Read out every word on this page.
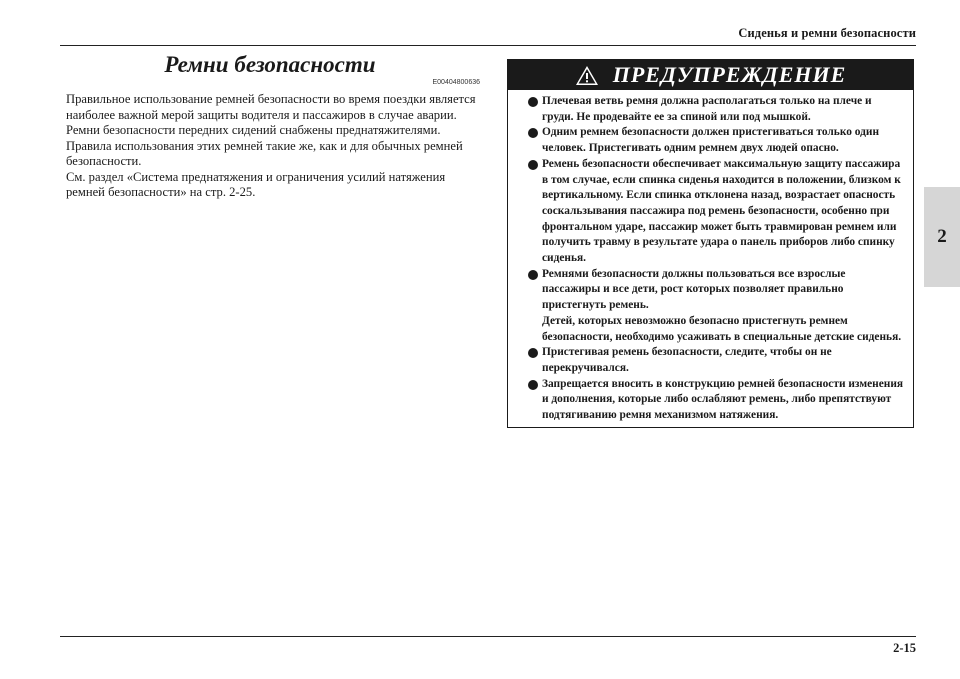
Сиденья и ремни безопасности
2
Ремни безопасности
E00404800636

Правильное использование ремней безопасности во время поездки является наиболее важной мерой защиты водителя и пассажиров в случае аварии.

Ремни безопасности передних сидений снабжены преднатяжителями. Правила использования этих ремней такие же, как и для обычных ремней безопасности.

См. раздел «Система преднатяжения и ограничения усилий натяжения ремней безопасности» на стр. 2-25.

ПРЕДУПРЕЖДЕНИЕ
Плечевая ветвь ремня должна располагаться только на плече и груди. Не продевайте ее за спиной или под мышкой.
Одним ремнем безопасности должен пристегиваться только один человек. Пристегивать одним ремнем двух людей опасно.
Ремень безопасности обеспечивает максимальную защиту пассажира в том случае, если спинка сиденья находится в положении, близком к вертикальному. Если спинка отклонена назад, возрастает опасность соскальзывания пассажира под ремень безопасности, особенно при фронтальном ударе, пассажир может быть травмирован ремнем или получить травму в результате удара о панель приборов либо спинку сиденья.
Ремнями безопасности должны пользоваться все взрослые пассажиры и все дети, рост которых позволяет правильно пристегнуть ремень.
Детей, которых невозможно безопасно пристегнуть ремнем безопасности, необходимо усаживать в специальные детские сиденья.
Пристегивая ремень безопасности, следите, чтобы он не перекручивался.
Запрещается вносить в конструкцию ремней безопасности изменения и дополнения, которые либо ослабляют ремень, либо препятствуют подтягиванию ремня механизмом натяжения.
2-15
